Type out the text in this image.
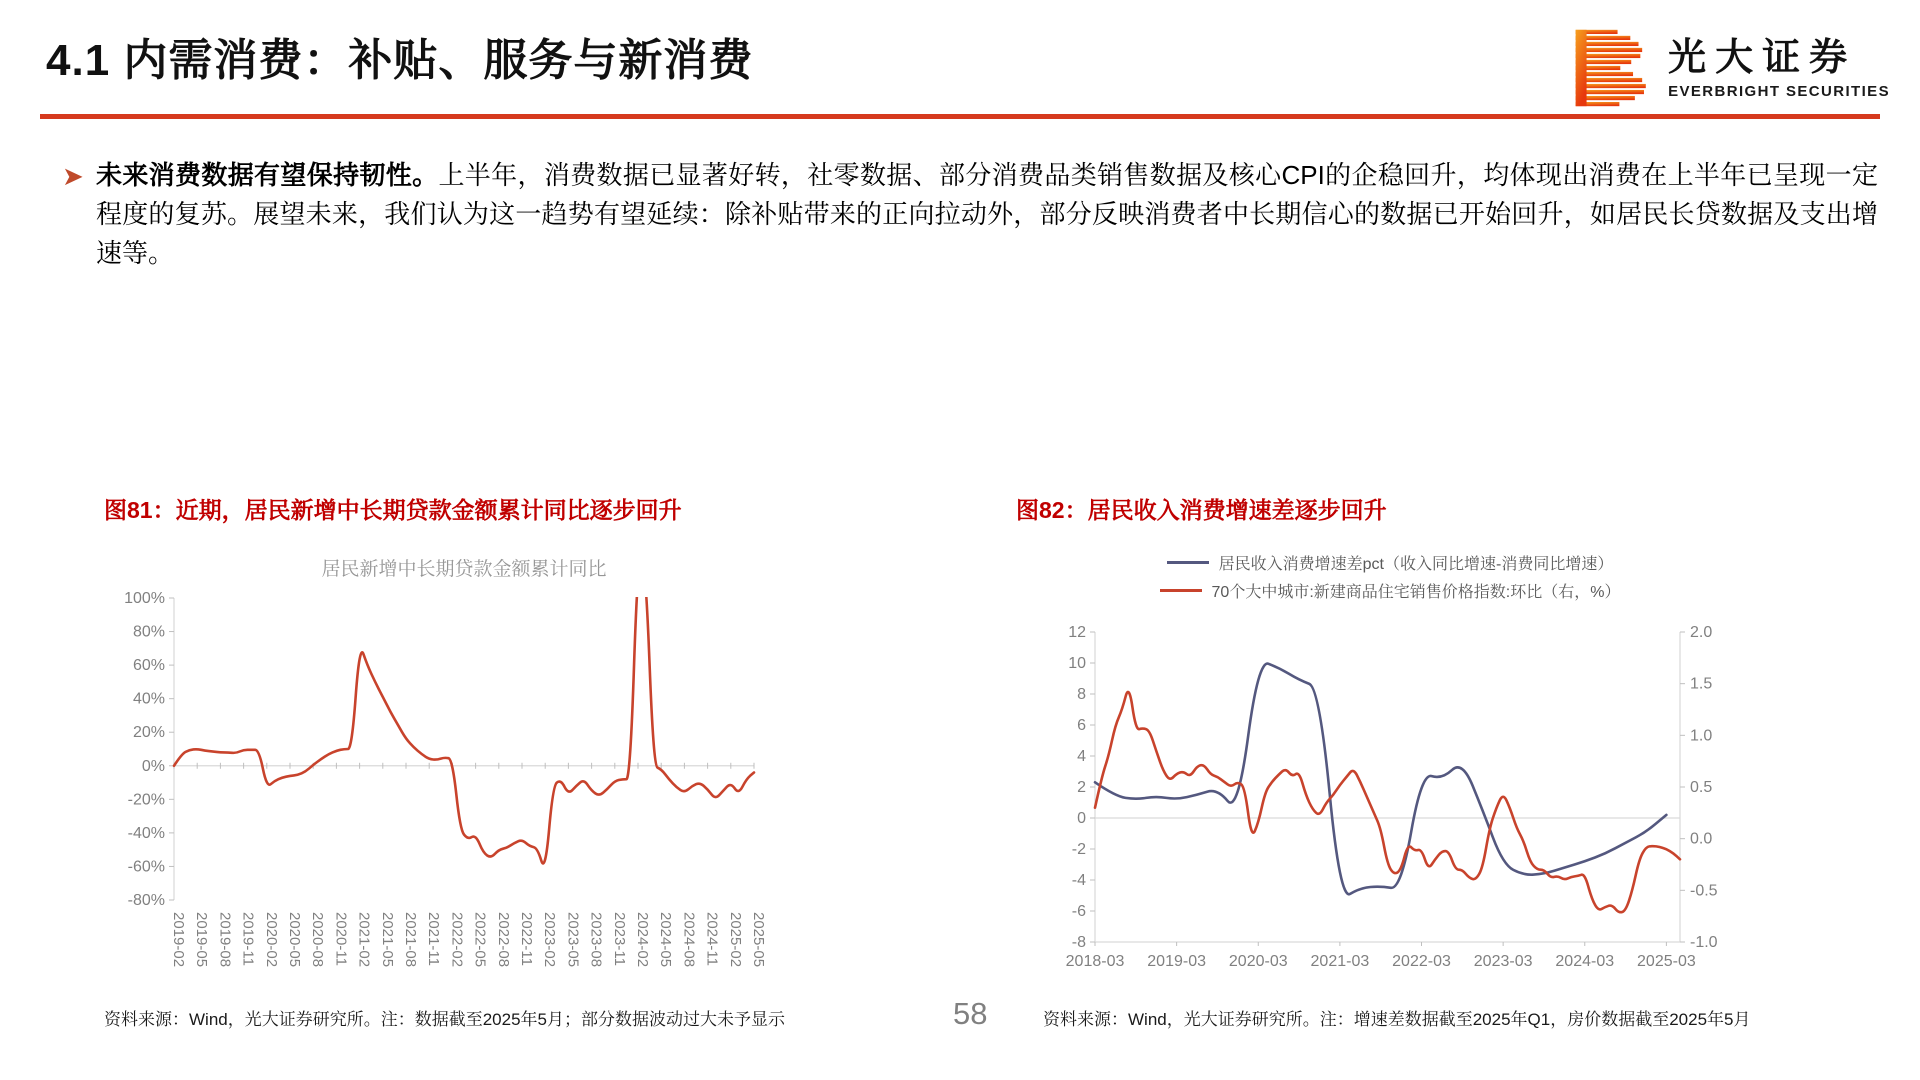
4.1 内需消费：补贴、服务与新消费	光大证券
EVERBRIGHT SECURITIES
➤ 未来消费数据有望保持韧性。上半年，消费数据已显著好转，社零数据、部分消费品类销售数据及核心CPI的企稳回升，均体现出消费在上半年已呈现一定程度的复苏。展望未来，我们认为这一趋势有望延续：除补贴带来的正向拉动外，部分反映消费者中长期信心的数据已开始回升，如居民长贷数据及支出增速等。

图81：近期，居民新增中长期贷款金额累计同比逐步回升	图82：居民收入消费增速差逐步回升

居民新增中长期贷款金额累计同比
100%
80%
60%
40%
20%
0%
-20%
-40%
-60%
-80%
2019-02 2019-05 2019-08 2019-11 2020-02 2020-05 2020-08 2020-11 2021-02 2021-05 2021-08 2021-11 2022-02 2022-05 2022-08 2022-11 2023-02 2023-05 2023-08 2023-11 2024-02 2024-05 2024-08 2024-11 2025-02 2025-05
居民收入消费增速差pct（收入同比增速-消费同比增速）
70个大中城市:新建商品住宅销售价格指数:环比（右，%）
12
10
8
6
4
2
0
-2
-4
-6
-8
2.0
1.5
1.0
0.5
0.0
-0.5
-1.0
2018-03 2019-03 2020-03 2021-03 2022-03 2023-03 2024-03 2025-03

资料来源：Wind，光大证券研究所。注：数据截至2025年5月；部分数据波动过大未予显示	资料来源：Wind，光大证券研究所。注：增速差数据截至2025年Q1，房价数据截至2025年5月

58
